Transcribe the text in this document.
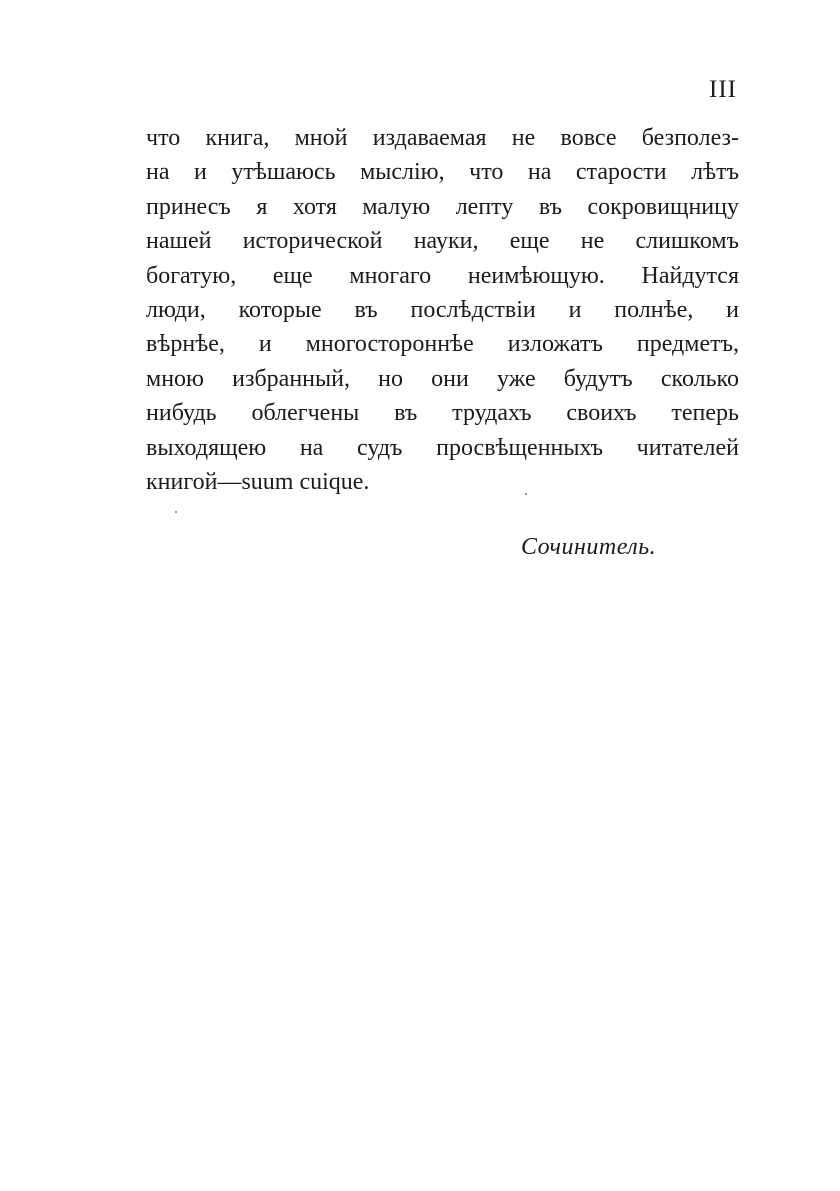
III
что книга, мной издаваемая не вовсе безполез-
на и утѣшаюсь мыслію, что на старости лѣтъ
принесъ я хотя малую лепту въ сокровищницу
нашей исторической науки, еще не слишкомъ
богатую, еще многаго неимѣющую. Найдутся
люди, которые въ послѣдствіи и полнѣе, и
вѣрнѣе, и многостороннѣе изложатъ предметъ,
мною избранный, но они уже будутъ сколько
нибудь облегчены въ трудахъ своихъ теперь
выходящею на судъ просвѣщенныхъ читателей
книгой—suum cuique.
Сочинитель.
